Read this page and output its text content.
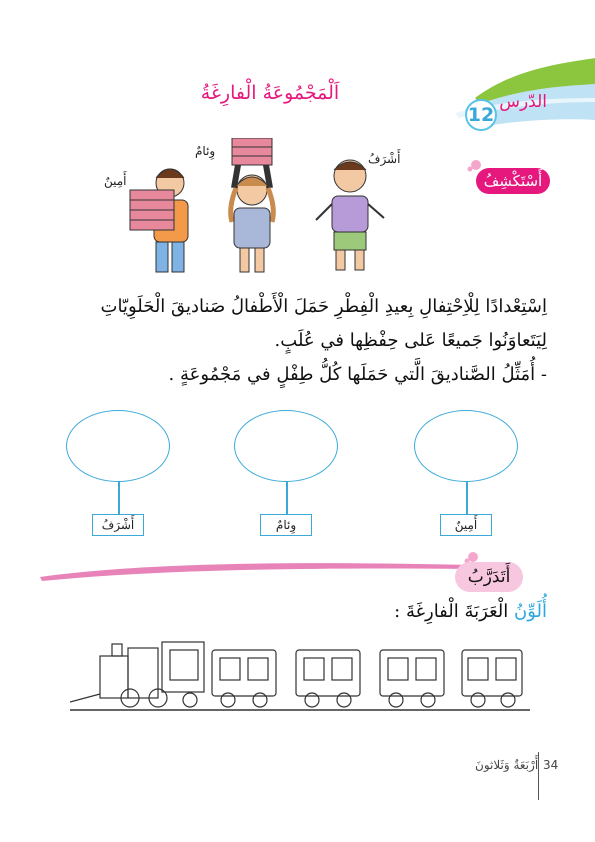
الدّرس
12
اَلْمَجْمُوعَةُ الْفارِغَةُ
أَسْتَكْشِفُ
أَمِينٌ
وِئامٌ
أَشْرَفُ
اِسْتِعْدادًا لِلْاِحْتِفالِ بِعيدِ الْفِطْرِ حَمَلَ الْأَطْفالُ صَناديقَ الْحَلَوِيّاتِ
لِيَتَعاوَنُوا جَميعًا عَلى حِفْظِها في عُلَبٍ.
- أُمَثِّلُ الصَّناديقَ الَّتي حَمَلَها كُلُّ طِفْلٍ في مَجْمُوعَةٍ .
أَشْرَفُ	وِئامٌ	أَمِينٌ
أَتَدَرَّبُ
أُلَوِّنُ الْعَرَبَةَ الْفارِغَةَ :
34
أَرْبَعَةٌ وَثَلاثونَ
